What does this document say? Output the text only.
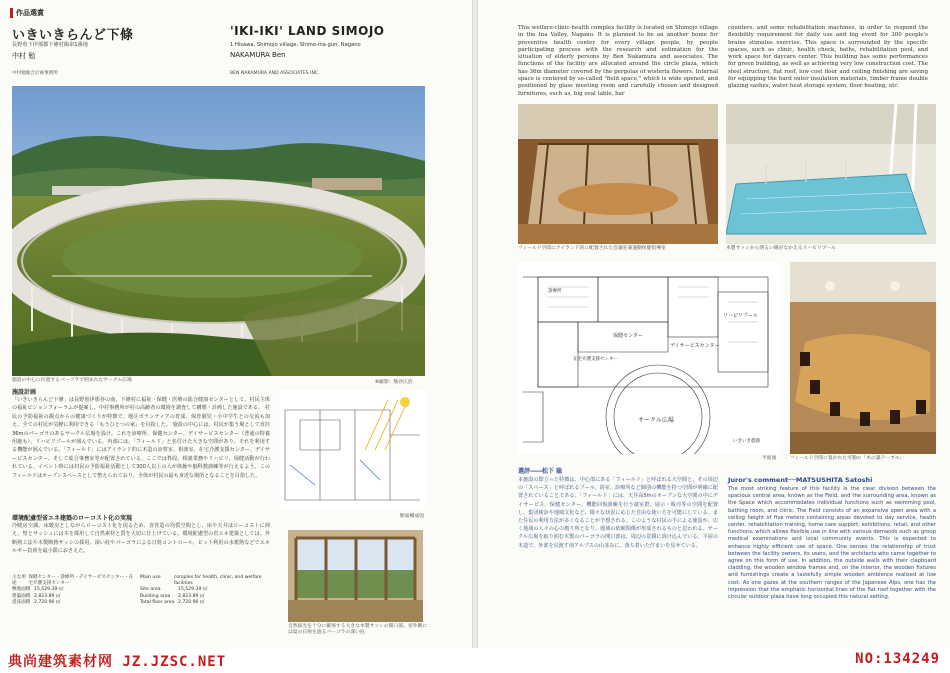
作品選賞
いきいきらんど下條
長野県下伊那郡下條村陽皐1番地
中村 勉
中村勉総合計画事務所
'IKI-IKI' LAND SIMOJO
1 Hisawa, Shimojo village, Shimo-ina gun, Nagano
NAKAMURA Ben
BEN NAKAMURA AND ASSOCIATES INC.
施設の中心に位置するパーゴラで囲まれたサークル広場	※撮影：熊谷広治
施設計画
「いきいきらんど下條」は長野県伊那谷の南、下條村に福祉・保健・医療の総合健康センターとして、村民主体の福祉ビジョンフォーラムが提案し、中村事務所が村の高齢者の環境を調査して構想・計画した施設である。 村民の予防福祉の観点からの健康づくりが特徴で、地区ボランティアの育成、保育園児・小中学生との交流も加え、全ての村民が気軽に利用できる「もうひとつの家」を目指した。 施設の中心には、村民が集う場として直径36mのパーゴラのあるサークル広場を設け、これを診療所、保健センター、デイサービスセンター（普通の特養用施も）、リハビリプールが囲んでいる。内部には、「フィールド」と名付けた大きな空間があり、それを利用する機能が囲んでいる。「フィールド」にはアイランド的に木造の診察室、相談室、在宅介護支援センター、デイサービスセンター、そして総合事務室等が配置されている。ここでは脊段、相談業務やリハビリ、保健活動が行われている。イベント時には村民の予防福祉活動として300人以上の人が体操や脳科教訓練等が行えるよう、このフィールドはオープンスペースとして整えられており、全体が村民の最も身近な場所となることを目指した。
環境配慮型省エネ建築のローコスト化の実現
冷暖房空調、床暖房としながらローコスト化を図るため、直営造の均質空間とし、床や天井はローコストに抑え、壁とサッシュには木を採用して自然素材と質を大切に仕上げている。環境配慮型の省エネ建築としては、外断熱工法や木製断熱サッシの採用、深い庇やパーゴラによる日射コントロール、ピット利用の水蓄熱などでエネルギー負荷を最小限におさえた。
主な用途
保健センター・診療所・デイサービスセンター・在宅介護支援センター
敷地面積 15,529.39 ㎡
建築面積 2,823.89 ㎡
延床面積 2,720.96 ㎡
Main use	complex for health, clinic, and welfare facilities
Site area	15,529.39 ㎡
Building area	2,823.89 ㎡
Total floor area 2,720.96 ㎡
断面構成図
自然採光を十分に確保する大きな木製サッシの開口部。室外側には夏の日射を遮るパーゴラの深い庇
This welfare-clinic-health complex facility is located on Shimojo village in the Ina Valley, Nagano. It is planned to be an another home for preventive health center for every village people, by people participating process with the research and estimation for the situation of elderly persons by Ben Nakamura and associates. The functions of the facility are allocated around the circle plaza, which has 36m diameter covered by the pergolas of wisteria flowers. Internal space is centered by so-called "field space," which is wide opened, and positioned by glass meeting room and carefully chosen and designed furnitures, such as, big oval table, bar
counters, and some rehabilitation machines, in order to respond the flexibility requirement for daily use and big event for 300 people's brains stimulus exercise. This space is surrounded by the specific spaces, such as clinic, health check, baths, rehabilitation pool, and work space for daycare center. This building has some performances for green building, as well as achieving very low construction cost. The steel structure, flat roof, low cost floor and ceiling finishing are saving for equipping the hard outer insulation materials, timber frame double glazing sashes, water heat storage system, floor heating, etc.
フィールド空間にアイランド的に配置された会議室兼運動保健指導室	木製サッシから明るい陽がなかえるリハビリプール
保健センター
デイサービスセンター
在宅介護支援センター
サークル広場
リハビリプール
いきいき農園
診療所
平面図	フィールド空間に置かれた可動の「木の葉テーブル」
選評――松下 聡
本施設の際立った特徴は、中心部にある「フィールド」と呼ばれる大空間と、その周辺の「スペース」と呼ばれるプール、浴室、診療所など個別の機能を持つ空間が明確に配置されていることである。「フィールド」には、天井高5mのオープンな大空間の中にデイサービス、保健センター、機能回復訓練を行う諸室群、展示・販売等の空間を配置し、集団検診や地域文化など、様々な状況に応じた自由な使い方を可能にしている。また住民の利用方法が多くなることが予想される。このような村民の手による施設が、広く地域の人々の心の拠り所となり、地域の依頼関係が形成されるものと思われる。サークル広場を取り囲む木製のパーゴラの開口部は、周辺の景観に溶け込んでいる。平屋の木造で、外部を見渡す南アルプスの山並みに、落ち着いた佇まいを見せている。
Juror's comment──MATSUSHITA Satoshi
The most striking feature of this facility is the clear division between the spacious central area, known as the Field, and the surrounding area, known as the Space which accommodates individual functions such as swimming pool, bathing room, and clinic. The Field consists of an expansive open area with a ceiling height of five meters containing areas devoted to day service, health center, rehabilitation training, home care support, exhibitions, retail, and other functions, which allows flexible use in line with various demands such as group medical examinations and local community events. This is expected to enhance highly efficient use of space. One senses the relationship of trust between the facility owners, its users, and the architects who came together to agree on this form of use. In addition, the outside walls with their clapboard cladding, the wooden window frames and, on the interior, the wooden fixtures and furnishings create a tastefully simple wooden ambience realized at low cost. As one gazes at the southern ranges of the Japanese Alps, one has the impression that the emphatic horizontal lines of the flat roof together with the circular outdoor plaza have long occupied this natural setting.
典尚建筑素材网 JZ.JZSC.NET	NO:134249
